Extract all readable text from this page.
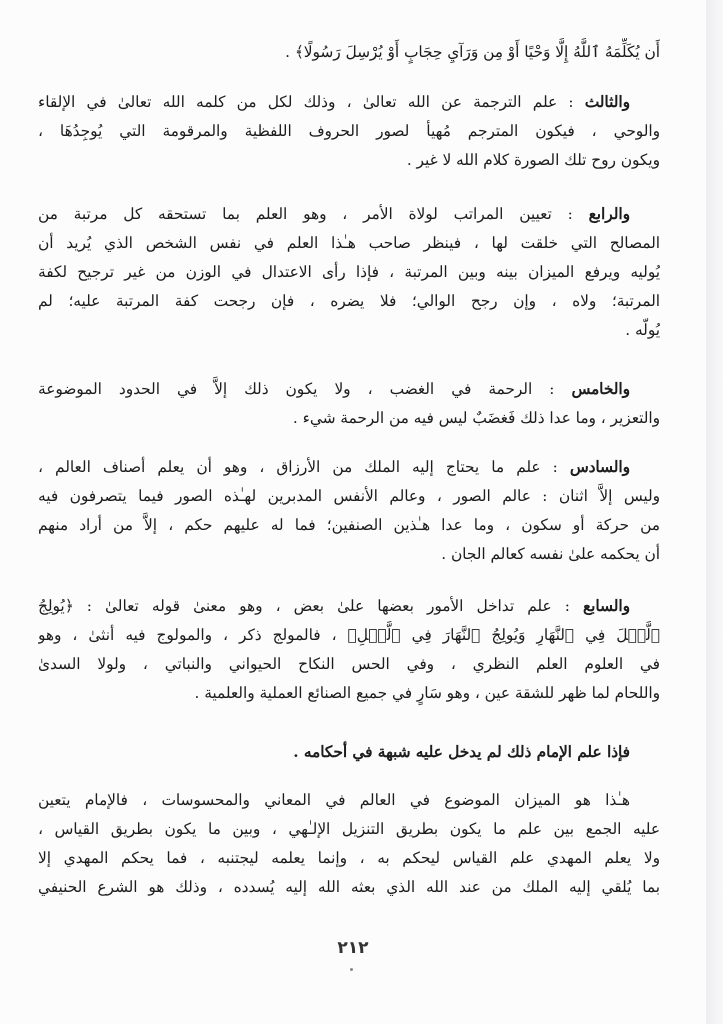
أَن يُكَلِّمَهُ ٱللَّهُ إِلَّا وَحْيًا أَوْ مِن وَرَآيِ حِجَابٍ أَوْ يُرْسِلَ رَسُولًا﴾ .
والثالث : علم الترجمة عن الله تعالىٰ ، وذلك لكل من كلمه الله تعالىٰ في الإلقاء
والوحي ، فيكون المترجم مُهيأ لصور الحروف اللفظية والمرقومة التي يُوجِدُهَا ،
ويكون روح تلك الصورة كلام الله لا غير .
والرابع : تعيين المراتب لولاة الأمر ، وهو العلم بما تستحقه كل مرتبة من
المصالح التي خلقت لها ، فينظر صاحب هـٰذا العلم في نفس الشخص الذي يُريد أن
يُوليه ويرفع الميزان بينه وبين المرتبة ، فإذا رأى الاعتدال في الوزن من غير ترجيح لكفة
المرتبة؛ ولاه ، وإن رجح الوالي؛ فلا يضره ، فإن رجحت كفة المرتبة عليه؛ لم
يُولّه .
والخامس : الرحمة في الغضب ، ولا يكون ذلك إلاَّ في الحدود الموضوعة
والتعزير ، وما عدا ذلك فَغضَبٌ ليس فيه من الرحمة شيء .
والسادس : علم ما يحتاج إليه الملك من الأرزاق ، وهو أن يعلم أصناف العالم ،
وليس إلاَّ اثنان : عالم الصور ، وعالم الأنفس المدبرين لهـٰذه الصور فيما يتصرفون فيه
من حركة أو سكون ، وما عدا هـٰذين الصنفين؛ فما له عليهم حكم ، إلاَّ من أراد منهم
أن يحكمه علىٰ نفسه كعالم الجان .
والسابع : علم تداخل الأمور بعضها علىٰ بعض ، وهو معنىٰ قوله تعالىٰ : ﴿يُولِجُ
ٱلَّيۡلَ فِي ٱلنَّهَارِ وَيُولِجُ ٱلنَّهَارَ فِي ٱلَّيۡلِ﴾ ، فالمولج ذكر ، والمولوج فيه أنثىٰ ، وهو
في العلوم العلم النظري ، وفي الحس النكاح الحيواني والنباتي ، ولولا السدىٰ
واللحام لما ظهر للشقة عين ، وهو سَارٍ في جميع الصنائع العملية والعلمية .
فإذا علم الإمام ذلك لم يدخل عليه شبهة في أحكامه .
هـٰذا هو الميزان الموضوع في العالم في المعاني والمحسوسات ، فالإمام يتعين
عليه الجمع بين علم ما يكون بطريق التنزيل الإلـٰهي ، وبين ما يكون بطريق القياس ،
ولا يعلم المهدي علم القياس ليحكم به ، وإنما يعلمه ليجتنبه ، فما يحكم المهدي إلا
بما يُلقي إليه الملك من عند الله الذي بعثه الله إليه يُسدده ، وذلك هو الشرع الحنيفي
٢١٢
